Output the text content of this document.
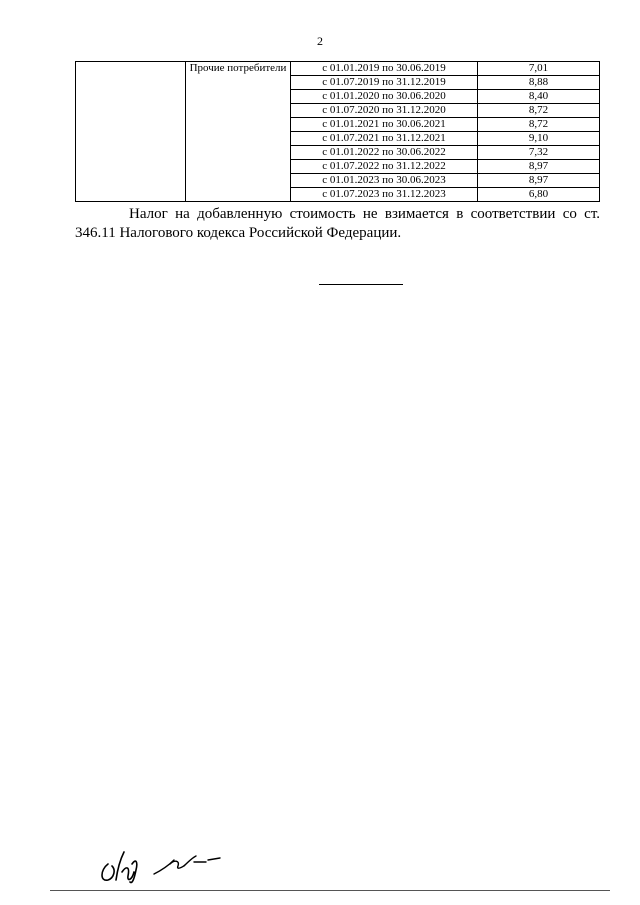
2
	Прочие потребители	с 01.01.2019 по 30.06.2019	7,01
		с 01.07.2019 по 31.12.2019	8,88
		с 01.01.2020 по 30.06.2020	8,40
		с 01.07.2020 по 31.12.2020	8,72
		с 01.01.2021 по 30.06.2021	8,72
		с 01.07.2021 по 31.12.2021	9,10
		с 01.01.2022 по 30.06.2022	7,32
		с 01.07.2022 по 31.12.2022	8,97
		с 01.01.2023 по 30.06.2023	8,97
		с 01.07.2023 по 31.12.2023	6,80

Налог на добавленную стоимость не взимается в соответствии со ст. 346.11 Налогового кодекса Российской Федерации.
